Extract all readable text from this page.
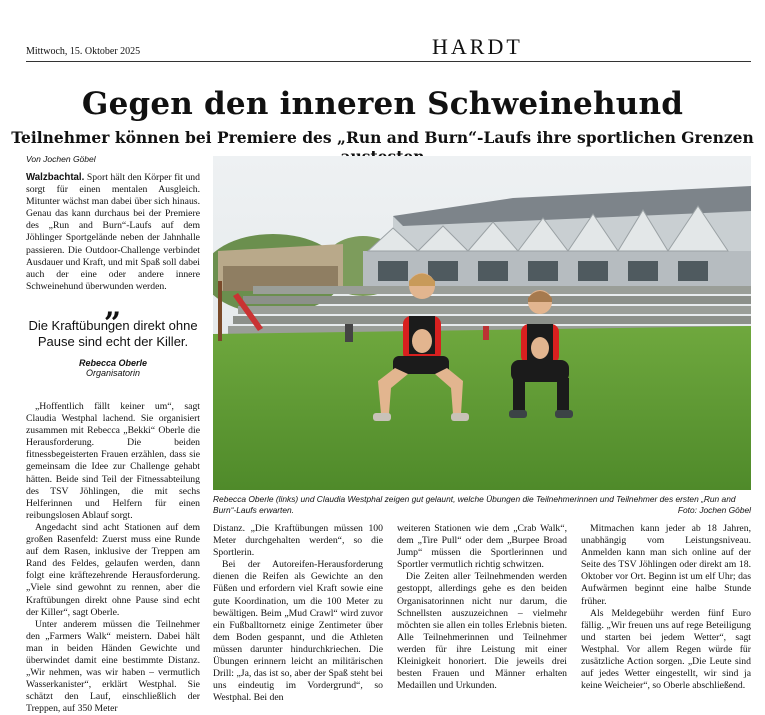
Mittwoch, 15. Oktober 2025	HARDT
Gegen den inneren Schweinehund
Teilnehmer können bei Premiere des „Run and Burn“-Laufs ihre sportlichen Grenzen
Von Jochen Göbel

Walzbachtal. Sport hält den Körper fit und sorgt für einen mentalen Ausgleich. Mitunter wächst man dabei über sich hinaus. Genau das kann durchaus bei der Premiere des „Run and Burn“-Laufs auf dem Jöhlinger Sportgelände neben der Jahnhalle passieren. Die Outdoor-Challenge verbindet Ausdauer und Kraft, und mit Spaß soll dabei auch der eine oder andere innere Schweinehund überwunden werden.

„
Die Kraftübungen direkt ohne Pause sind echt der Killer.
Rebecca Oberle
Organisatorin

„Hoffentlich fällt keiner um“, sagt Claudia Westphal lachend. Sie organisiert zusammen mit Rebecca „Bekki“ Oberle die Herausforderung. Die beiden fitnessbegeisterten Frauen erzählen, dass sie gemeinsam die Idee zur Challenge gehabt hätten. Beide sind Teil der Fitnessabteilung des TSV Jöhlingen, die mit sechs Helferinnen und Helfern für einen reibungslosen Ablauf sorgt.

Angedacht sind acht Stationen auf dem großen Rasenfeld: Zuerst muss eine Runde auf dem Rasen, inklusive der Treppen am Rand des Feldes, gelaufen werden, dann folgt eine kräftezehrende Herausforderung. „Viele sind gewohnt zu rennen, aber die Kraftübungen direkt ohne Pause sind echt der Killer“, sagt Oberle.

Unter anderem müssen die Teilnehmer den „Farmers Walk“ meistern. Dabei hält man in beiden Händen Gewichte und überwindet damit eine bestimmte Distanz. „Wir nehmen, was wir haben – vermutlich Wasserkanister“, erklärt Westphal. Sie schätzt den Lauf, einschließlich der Treppen, auf 350 Meter

Rebecca Oberle (links) und Claudia Westphal zeigen gut gelaunt, welche Übungen die Teilnehmerinnen und Teilnehmer des ersten „Run and Burn“-Laufs erwarten.	Foto: Jochen Göbel

Distanz. „Die Kraftübungen müssen 100 Meter durchgehalten werden“, so die Sportlerin.

Bei der Autoreifen-Herausforderung dienen die Reifen als Gewichte an den Füßen und erfordern viel Kraft sowie eine gute Koordination, um die 100 Meter zu bewältigen. Beim „Mud Crawl“ wird zuvor ein Fußballtornetz einige Zentimeter über dem Boden gespannt, und die Athleten müssen darunter hindurchkriechen. Die Übungen erinnern leicht an militärischen Drill: „Ja, das ist so, aber der Spaß steht bei uns eindeutig im Vordergrund“, so Westphal. Bei den

weiteren Stationen wie dem „Crab Walk“, dem „Tire Pull“ oder dem „Burpee Broad Jump“ müssen die Sportlerinnen und Sportler vermutlich richtig schwitzen.

Die Zeiten aller Teilnehmenden werden gestoppt, allerdings gehe es den beiden Organisatorinnen nicht nur darum, die Schnellsten auszuzeichnen – vielmehr möchten sie allen ein tolles Erlebnis bieten. Alle Teilnehmerinnen und Teilnehmer werden für ihre Leistung mit einer Kleinigkeit honoriert. Die jeweils drei besten Frauen und Männer erhalten Medaillen und Urkunden.

Mitmachen kann jeder ab 18 Jahren, unabhängig vom Leistungsniveau. Anmelden kann man sich online auf der Seite des TSV Jöhlingen oder direkt am 18. Oktober vor Ort. Beginn ist um elf Uhr; das Aufwärmen beginnt eine halbe Stunde früher.

Als Meldegebühr werden fünf Euro fällig. „Wir freuen uns auf rege Beteiligung und starten bei jedem Wetter“, sagt Westphal. Vor allem Regen würde für zusätzliche Action sorgen. „Die Leute sind auf jedes Wetter eingestellt, wir sind ja keine Weicheier“, so Oberle abschließend.
